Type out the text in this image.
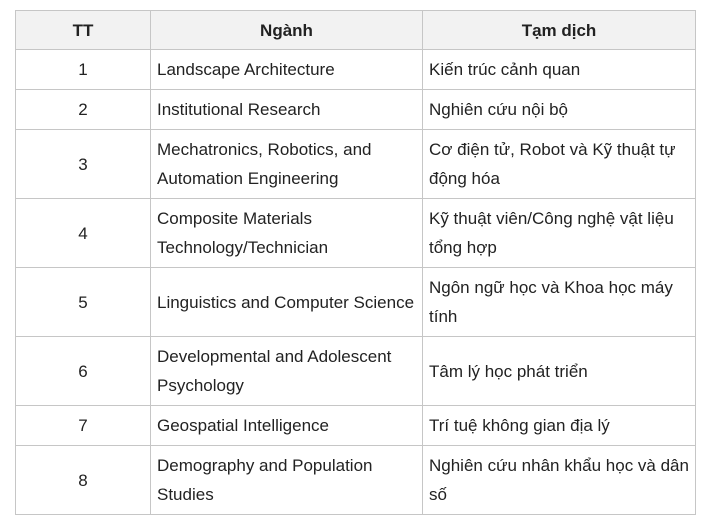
TT	Ngành	Tạm dịch
1	Landscape Architecture	Kiến trúc cảnh quan
2	Institutional Research	Nghiên cứu nội bộ
3	Mechatronics, Robotics, and Automation Engineering	Cơ điện tử, Robot và Kỹ thuật tự động hóa
4	Composite Materials Technology/Technician	Kỹ thuật viên/Công nghệ vật liệu tổng hợp
5	Linguistics and Computer Science	Ngôn ngữ học và Khoa học máy tính
6	Developmental and Adolescent Psychology	Tâm lý học phát triển
7	Geospatial Intelligence	Trí tuệ không gian địa lý
8	Demography and Population Studies	Nghiên cứu nhân khẩu học và dân số
